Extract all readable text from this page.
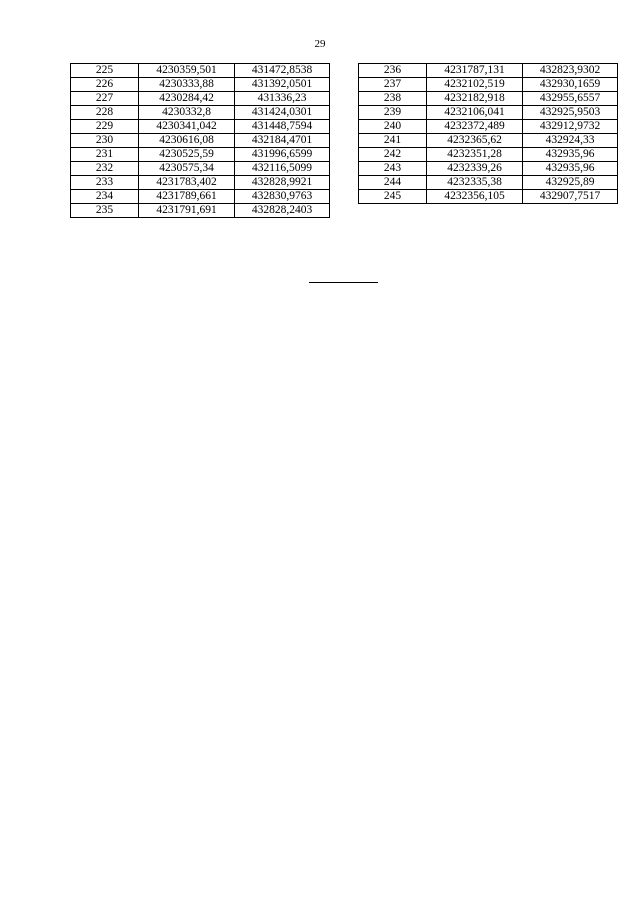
29
225	4230359,501	431472,8538
226	4230333,88	431392,0501
227	4230284,42	431336,23
228	4230332,8	431424,0301
229	4230341,042	431448,7594
230	4230616,08	432184,4701
231	4230525,59	431996,6599
232	4230575,34	432116,5099
233	4231783,402	432828,9921
234	4231789,661	432830,9763
235	4231791,691	432828,2403
236	4231787,131	432823,9302
237	4232102,519	432930,1659
238	4232182,918	432955,6557
239	4232106,041	432925,9503
240	4232372,489	432912,9732
241	4232365,62	432924,33
242	4232351,28	432935,96
243	4232339,26	432935,96
244	4232335,38	432925,89
245	4232356,105	432907,7517
